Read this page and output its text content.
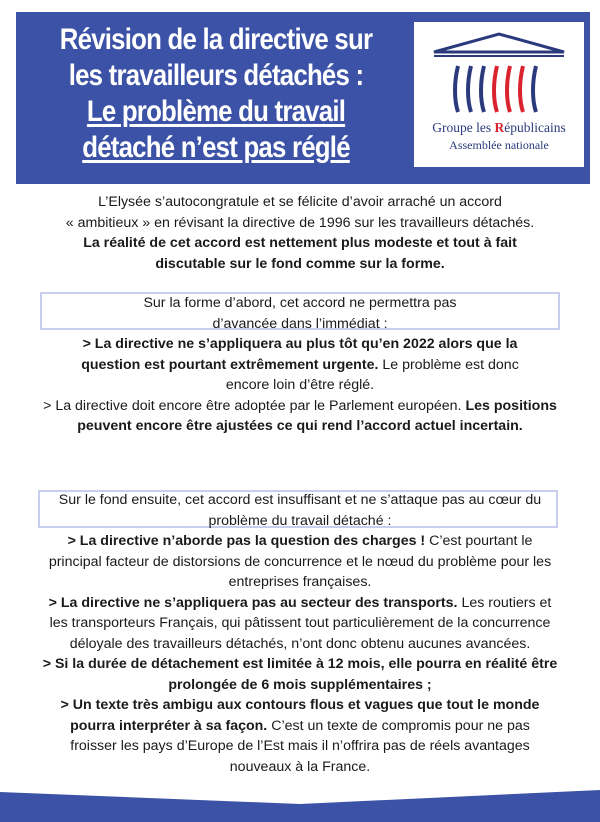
Révision de la directive sur
les travailleurs détachés :
Le problème du travail
détaché n’est pas réglé
Groupe les Républicains
Assemblée nationale

L’Elysée s’autocongratule et se félicite d’avoir arraché un accord

« ambitieux » en révisant la directive de 1996 sur les travailleurs détachés.

La réalité de cet accord est nettement plus modeste et tout à fait discutable sur le fond comme sur la forme.

Sur la forme d’abord, cet accord ne permettra pas d’avancée dans l’immédiat :

> La directive ne s’appliquera au plus tôt qu’en 2022 alors que la question est pourtant extrêmement urgente. Le problème est donc encore loin d’être réglé.

> La directive doit encore être adoptée par le Parlement européen. Les positions peuvent encore être ajustées ce qui rend l’accord actuel incertain.

Sur le fond ensuite, cet accord est insuffisant et ne s’attaque pas au cœur du problème du travail détaché :

> La directive n’aborde pas la question des charges ! C’est pourtant le principal facteur de distorsions de concurrence et le nœud du problème pour les entreprises françaises.

> La directive ne s’appliquera pas au secteur des transports. Les routiers et les transporteurs Français, qui pâtissent tout particulièrement de la concurrence déloyale des travailleurs détachés, n’ont donc obtenu aucunes avancées.

> Si la durée de détachement est limitée à 12 mois, elle pourra en réalité être prolongée de 6 mois supplémentaires ;

> Un texte très ambigu aux contours flous et vagues que tout le monde pourra interpréter à sa façon. C’est un texte de compromis pour ne pas froisser les pays d’Europe de l’Est mais il n’offrira pas de réels avantages nouveaux à la France.
